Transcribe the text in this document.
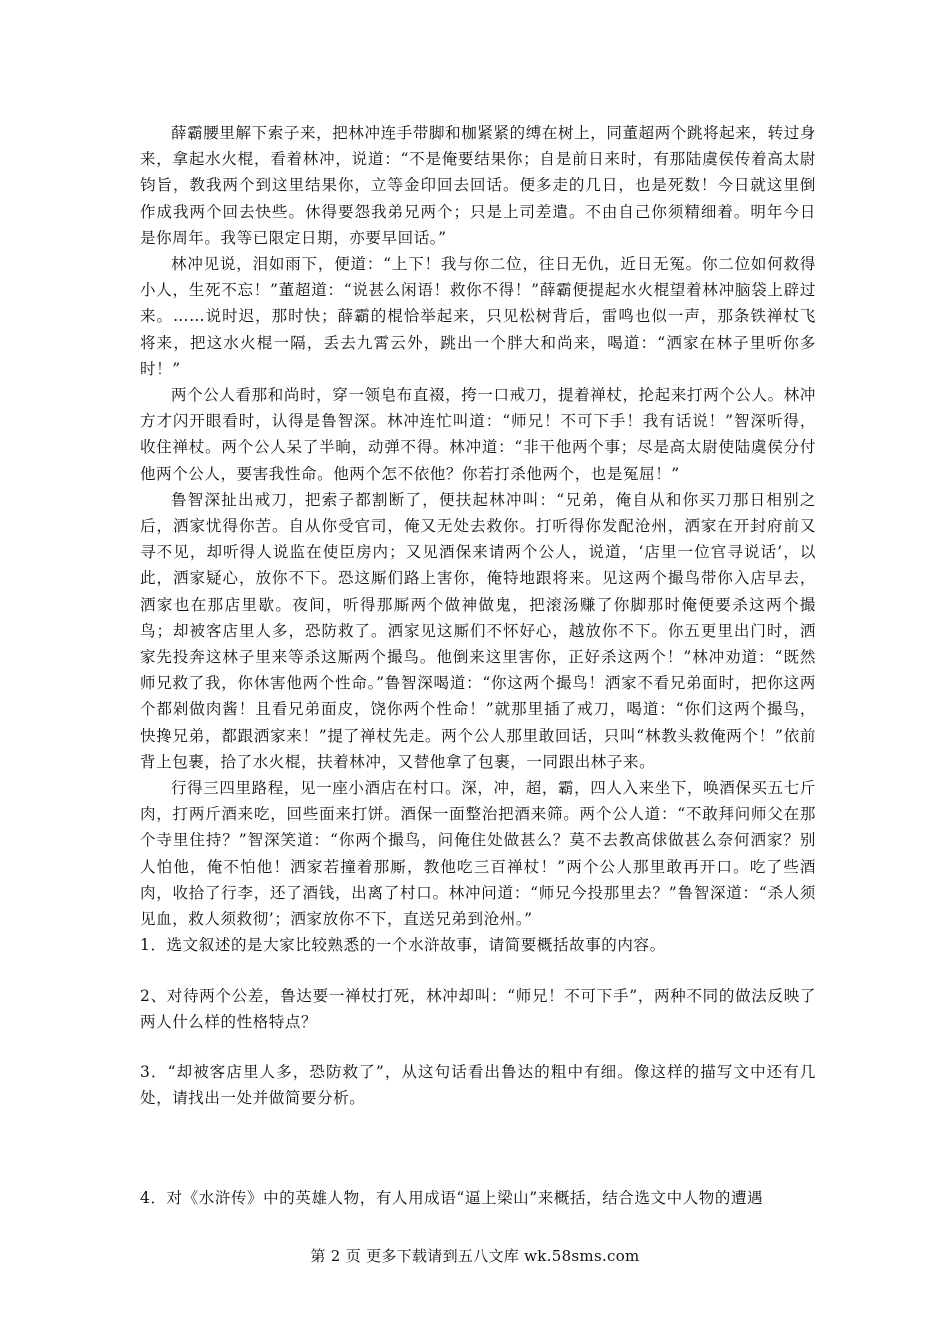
薛霸腰里解下索子来，把林冲连手带脚和枷紧紧的缚在树上，同董超两个跳将起来，转过身来，拿起水火棍，看着林冲，说道：“不是俺要结果你；自是前日来时，有那陆虞侯传着高太尉钧旨，教我两个到这里结果你，立等金印回去回话。便多走的几日，也是死数！今日就这里倒作成我两个回去快些。休得要怨我弟兄两个；只是上司差遣。不由自己你须精细着。明年今日是你周年。我等已限定日期，亦要早回话。”

林冲见说，泪如雨下，便道：“上下！我与你二位，往日无仇，近日无冤。你二位如何救得小人，生死不忘！”董超道：“说甚么闲语！救你不得！”薛霸便提起水火棍望着林冲脑袋上辟过来。……说时迟，那时快；薛霸的棍恰举起来，只见松树背后，雷鸣也似一声，那条铁禅杖飞将来，把这水火棍一隔，丢去九霄云外，跳出一个胖大和尚来，喝道：“洒家在林子里听你多时！”

两个公人看那和尚时，穿一领皂布直裰，挎一口戒刀，提着禅杖，抡起来打两个公人。林冲方才闪开眼看时，认得是鲁智深。林冲连忙叫道：“师兄！不可下手！我有话说！”智深听得，收住禅杖。两个公人呆了半晌，动弹不得。林冲道：“非干他两个事；尽是高太尉使陆虞侯分付他两个公人，要害我性命。他两个怎不依他？你若打杀他两个，也是冤屈！”

鲁智深扯出戒刀，把索子都割断了，便扶起林冲叫：“兄弟，俺自从和你买刀那日相别之后，洒家忧得你苦。自从你受官司，俺又无处去救你。打听得你发配沧州，洒家在开封府前又寻不见，却听得人说监在使臣房内；又见酒保来请两个公人，说道，‘店里一位官寻说话’，以此，洒家疑心，放你不下。恐这厮们路上害你，俺特地跟将来。见这两个撮鸟带你入店早去，洒家也在那店里歇。夜间，听得那厮两个做神做鬼，把滚汤赚了你脚那时俺便要杀这两个撮鸟；却被客店里人多，恐防救了。洒家见这厮们不怀好心，越放你不下。你五更里出门时，洒家先投奔这林子里来等杀这厮两个撮鸟。他倒来这里害你，正好杀这两个！”林冲劝道：“既然师兄救了我，你休害他两个性命。”鲁智深喝道：“你这两个撮鸟！洒家不看兄弟面时，把你这两个都剁做肉酱！且看兄弟面皮，饶你两个性命！”就那里插了戒刀，喝道：“你们这两个撮鸟，快搀兄弟，都跟洒家来！”提了禅杖先走。两个公人那里敢回话，只叫“林教头救俺两个！”依前背上包裹，拾了水火棍，扶着林冲，又替他拿了包裹，一同跟出林子来。

行得三四里路程，见一座小酒店在村口。深，冲，超，霸，四人入来坐下，唤酒保买五七斤肉，打两斤酒来吃，回些面来打饼。酒保一面整治把酒来筛。两个公人道：“不敢拜问师父在那个寺里住持？”智深笑道：“你两个撮鸟，问俺住处做甚么？莫不去教高俅做甚么奈何洒家？别人怕他，俺不怕他！洒家若撞着那厮，教他吃三百禅杖！”两个公人那里敢再开口。吃了些酒肉，收拾了行李，还了酒钱，出离了村口。林冲问道：“师兄今投那里去？”鲁智深道：“杀人须见血，救人须救彻’；洒家放你不下，直送兄弟到沧州。”

1．选文叙述的是大家比较熟悉的一个水浒故事，请简要概括故事的内容。

2、对待两个公差，鲁达要一禅杖打死，林冲却叫：“师兄！不可下手”，两种不同的做法反映了两人什么样的性格特点？

3．“却被客店里人多，恐防救了”，从这句话看出鲁达的粗中有细。像这样的描写文中还有几处，请找出一处并做简要分析。

4．对《水浒传》中的英雄人物，有人用成语“逼上梁山”来概括，结合选文中人物的遭遇

第 2 页 更多下载请到五八文库 wk.58sms.com
